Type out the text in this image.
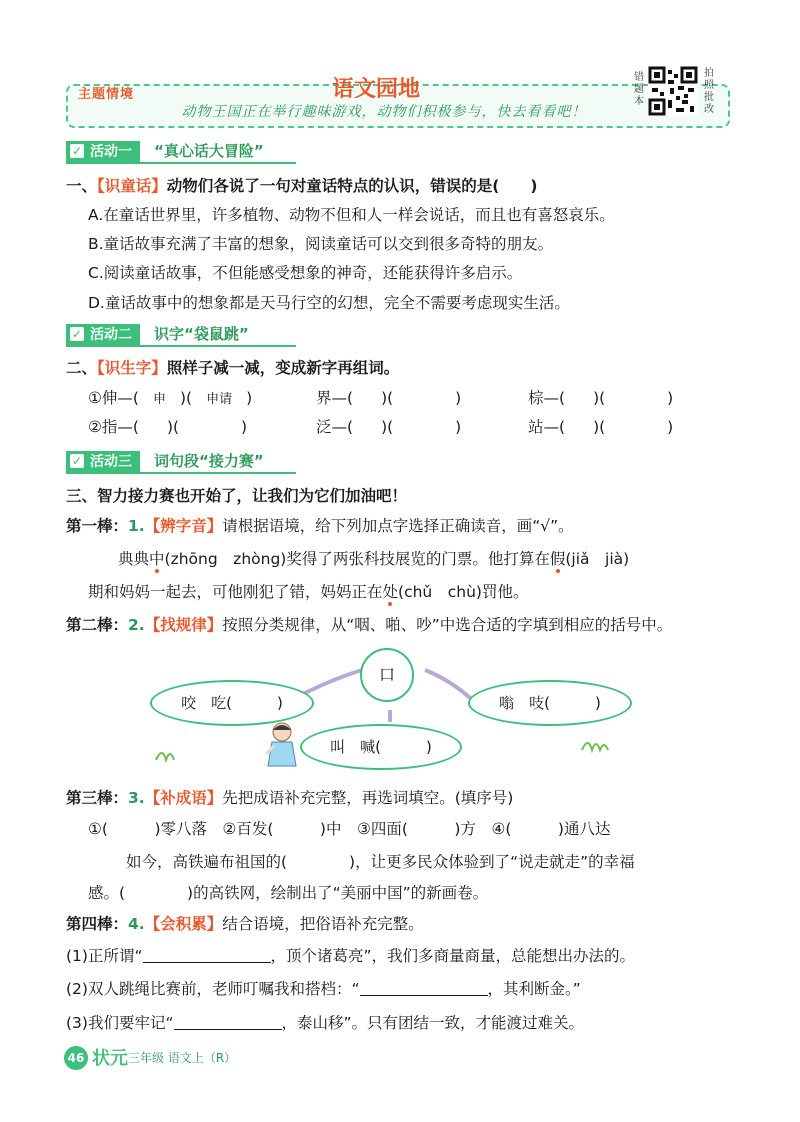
主题情境	语文园地
动物王国正在举行趣味游戏，动物们积极参与，快去看看吧！
错题本
拍照批改
✓ 活动一 “真心话大冒险”
一、【识童话】动物们各说了一句对童话特点的认识，错误的是(　　)
A.在童话世界里，许多植物、动物不但和人一样会说话，而且也有喜怒哀乐。
B.童话故事充满了丰富的想象，阅读童话可以交到很多奇特的朋友。
C.阅读童话故事，不但能感受想象的神奇，还能获得许多启示。
D.童话故事中的想象都是天马行空的幻想，完全不需要考虑现实生活。
✓ 活动二 识字“袋鼠跳”
二、【识生字】照样子减一减，变成新字再组词。
①伸—( 申 )( 申请 )	界—( )(　　　　)	棕—( )(　　　　)
②指—( )(　　　　)	泛—( )(　　　　)	站—( )(　　　　)
✓ 活动三 词句段“接力赛”
三、智力接力赛也开始了，让我们为它们加油吧！
第一棒：1.【辨字音】请根据语境，给下列加点字选择正确读音，画“√”。
典典中(zhōng　zhòng)奖得了两张科技展览的门票。他打算在假(jiǎ　jià)
期和妈妈一起去，可他刚犯了错，妈妈正在处(chǔ　chù)罚他。
第二棒：2.【找规律】按照分类规律，从“咽、啪、吵”中选合适的字填到相应的括号中。
口
咬　吃(　　　)	嗡　吱(　　　)
叫　喊(　　　)
第三棒：3.【补成语】先把成语补充完整，再选词填空。(填序号)
①(　　　)零八落　②百发(　　　)中　③四面(　　　)方　④(　　　)通八达
如今，高铁遍布祖国的(　　　　)，让更多民众体验到了“说走就走”的幸福
感。(　　　　)的高铁网，绘制出了“美丽中国”的新画卷。
第四棒：4.【会积累】结合语境，把俗语补充完整。
(1)正所谓“	，顶个诸葛亮”，我们多商量商量，总能想出办法的。
(2)双人跳绳比赛前，老师叮嘱我和搭档：“	，其利断金。”
(3)我们要牢记“	，泰山移”。只有团结一致，才能渡过难关。
46 状元 三年级 语文上（R）
